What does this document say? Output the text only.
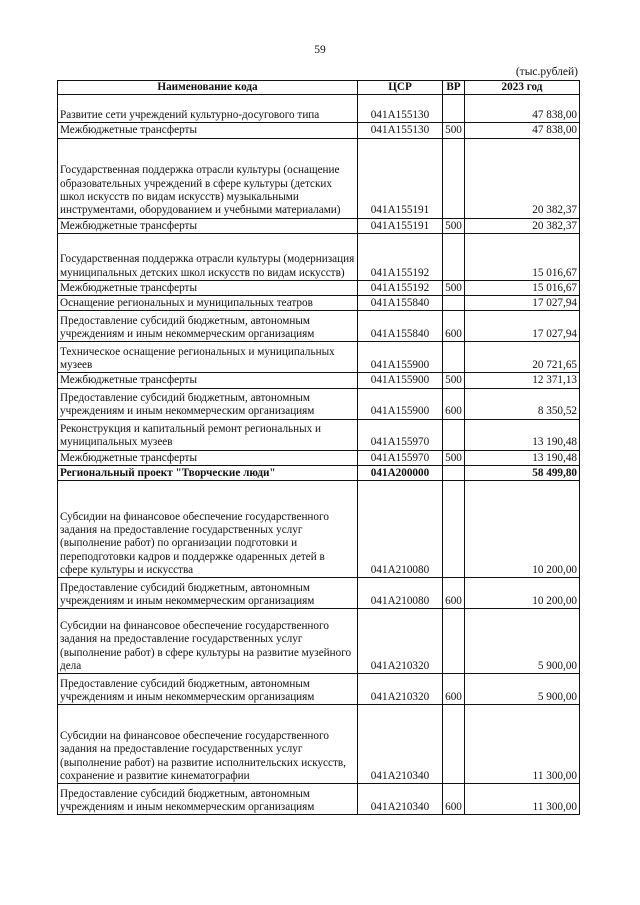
59
(тыс.рублей)
Наименование кода	ЦСР	ВР	2023 год
Развитие сети учреждений культурно-досугового типа	041A155130		47 838,00
Межбюджетные трансферты	041A155130	500	47 838,00
Государственная поддержка отрасли культуры (оснащение образовательных учреждений в сфере культуры (детских школ искусств по видам искусств) музыкальными инструментами, оборудованием и учебными материалами)	041A155191		20 382,37
Межбюджетные трансферты	041A155191	500	20 382,37
Государственная поддержка отрасли культуры (модернизация муниципальных детских школ искусств по видам искусств)	041A155192		15 016,67
Межбюджетные трансферты	041A155192	500	15 016,67
Оснащение региональных и муниципальных театров	041A155840		17 027,94
Предоставление субсидий бюджетным, автономным учреждениям и иным некоммерческим организациям	041A155840	600	17 027,94
Техническое оснащение региональных и муниципальных музеев	041A155900		20 721,65
Межбюджетные трансферты	041A155900	500	12 371,13
Предоставление субсидий бюджетным, автономным учреждениям и иным некоммерческим организациям	041A155900	600	8 350,52
Реконструкция и капитальный ремонт региональных и муниципальных музеев	041A155970		13 190,48
Межбюджетные трансферты	041A155970	500	13 190,48
Региональный проект "Творческие люди"	041A200000		58 499,80
Субсидии на финансовое обеспечение государственного задания на предоставление государственных услуг (выполнение работ) по организации подготовки и переподготовки кадров и поддержке одаренных детей в сфере культуры и искусства	041A210080		10 200,00
Предоставление субсидий бюджетным, автономным учреждениям и иным некоммерческим организациям	041A210080	600	10 200,00
Субсидии на финансовое обеспечение государственного задания на предоставление государственных услуг (выполнение работ) в сфере культуры на развитие музейного дела	041A210320		5 900,00
Предоставление субсидий бюджетным, автономным учреждениям и иным некоммерческим организациям	041A210320	600	5 900,00
Субсидии на финансовое обеспечение государственного задания на предоставление государственных услуг (выполнение работ) на развитие исполнительских искусств, сохранение и развитие кинематографии	041A210340		11 300,00
Предоставление субсидий бюджетным, автономным учреждениям и иным некоммерческим организациям	041A210340	600	11 300,00
